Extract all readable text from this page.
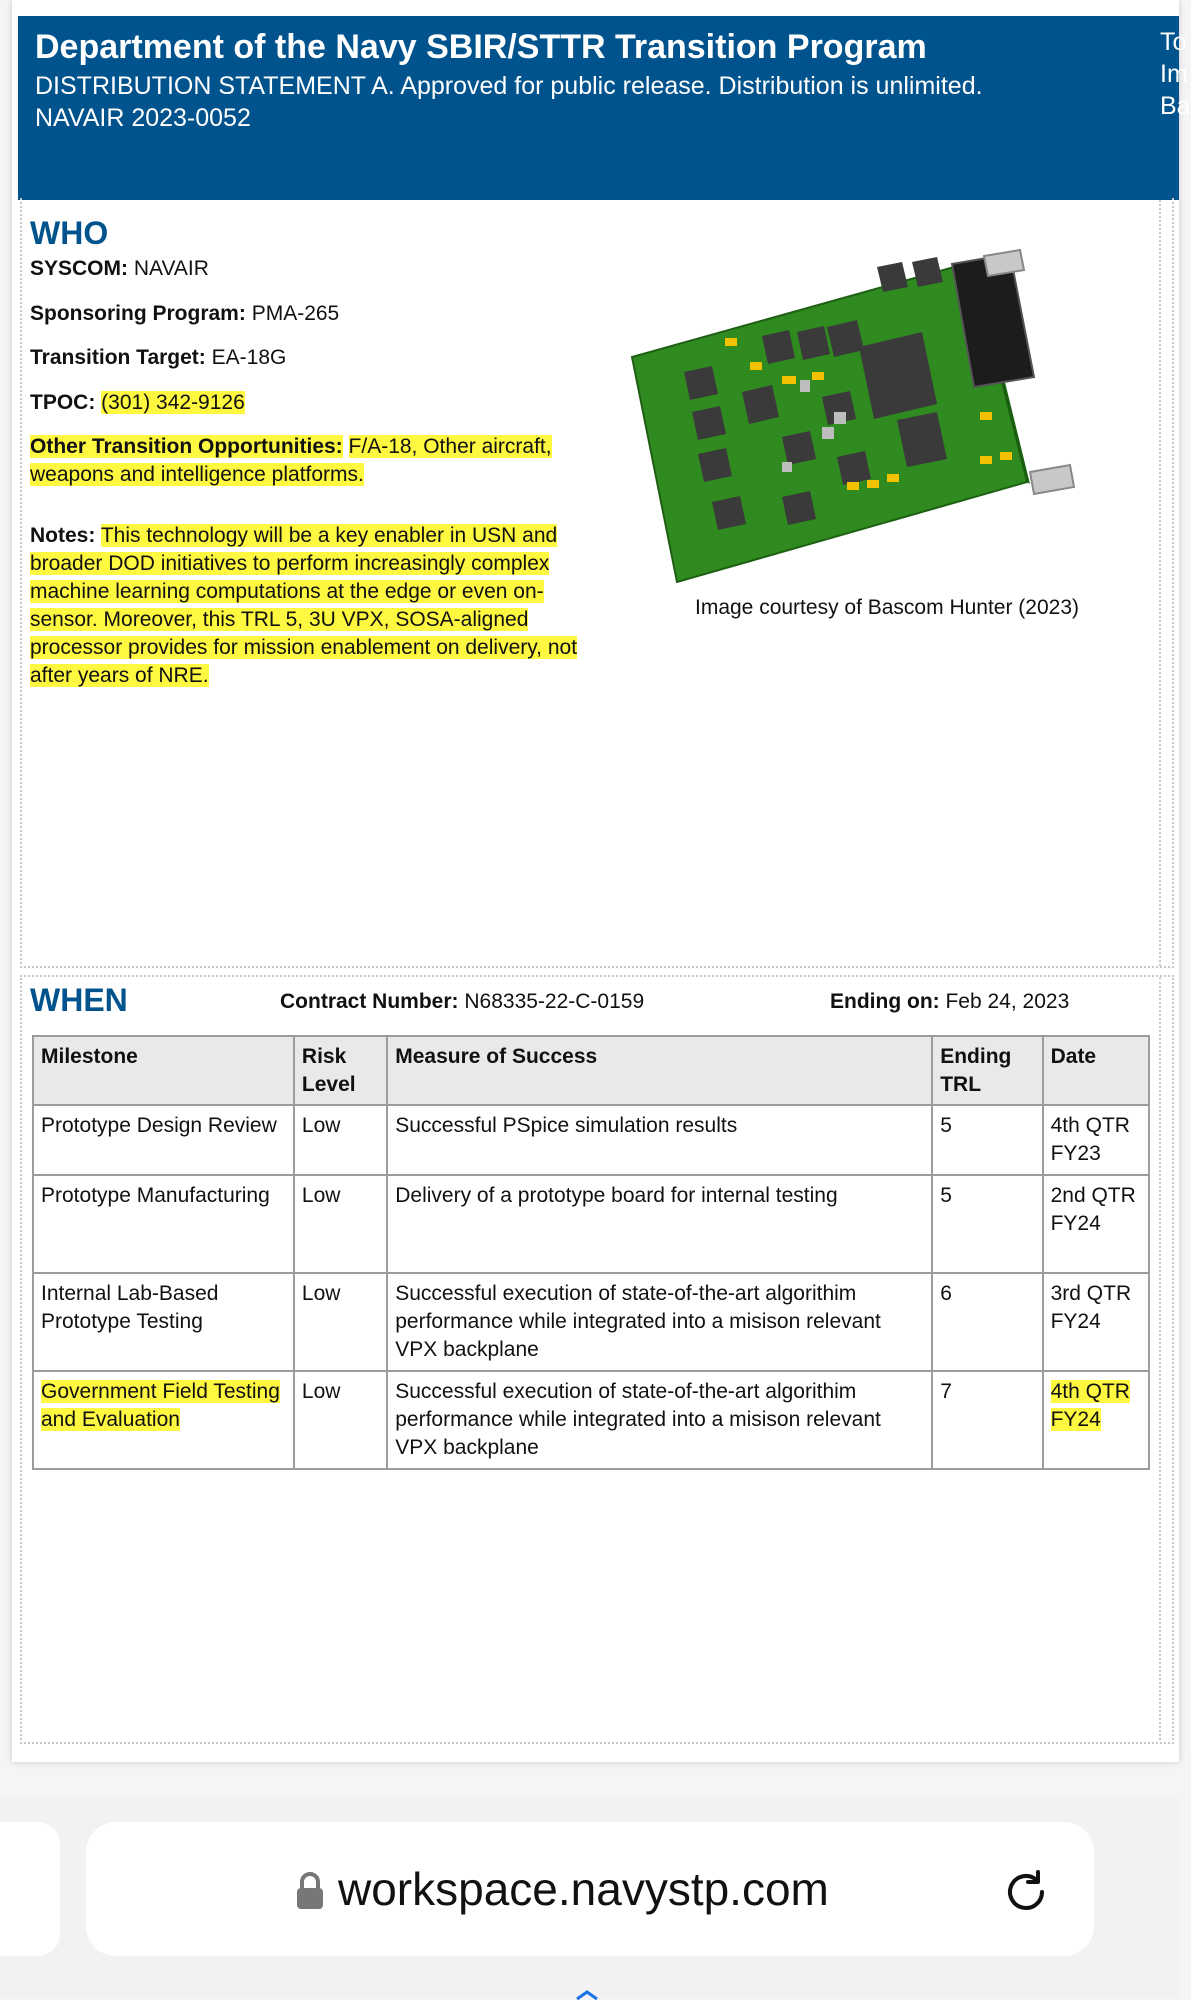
Department of the Navy SBIR/STTR Transition Program
DISTRIBUTION STATEMENT A. Approved for public release. Distribution is unlimited.
NAVAIR 2023-0052
To
Im
Ba
WHO
SYSCOM: NAVAIR
Sponsoring Program: PMA-265
Transition Target: EA-18G
TPOC: (301) 342-9126
Other Transition Opportunities: F/A-18, Other aircraft, weapons and intelligence platforms.
Notes: This technology will be a key enabler in USN and broader DOD initiatives to perform increasingly complex machine learning computations at the edge or even on-sensor. Moreover, this TRL 5, 3U VPX, SOSA-aligned processor provides for mission enablement on delivery, not after years of NRE.
Image courtesy of Bascom Hunter (2023)
WHEN	Contract Number: N68335-22-C-0159	Ending on: Feb 24, 2023
Milestone	Risk Level	Measure of Success	Ending TRL	Date
Prototype Design Review	Low	Successful PSpice simulation results	5	4th QTR FY23
Prototype Manufacturing	Low	Delivery of a prototype board for internal testing	5	2nd QTR FY24
Internal Lab-Based Prototype Testing	Low	Successful execution of state-of-the-art algorithim performance while integrated into a misison relevant VPX backplane	6	3rd QTR FY24
Government Field Testing and Evaluation	Low	Successful execution of state-of-the-art algorithim performance while integrated into a misison relevant VPX backplane	7	4th QTR FY24
workspace.navystp.com
